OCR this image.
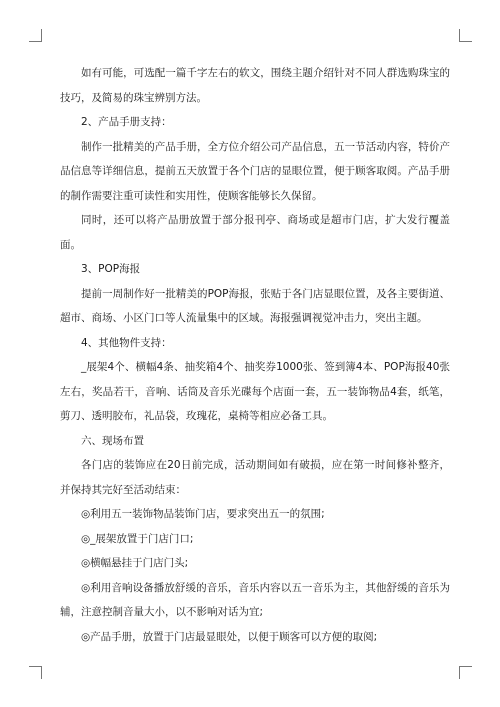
如有可能，可选配一篇千字左右的软文，围绕主题介绍针对不同人群选购珠宝的技巧，及简易的珠宝辨别方法。

2、产品手册支持：

制作一批精美的产品手册，全方位介绍公司产品信息，五一节活动内容，特价产品信息等详细信息，提前五天放置于各个门店的显眼位置，便于顾客取阅。产品手册的制作需要注重可读性和实用性，使顾客能够长久保留。

同时，还可以将产品册放置于部分报刊亭、商场或是超市门店，扩大发行覆盖面。

3、POP海报

提前一周制作好一批精美的POP海报，张贴于各门店显眼位置，及各主要街道、超市、商场、小区门口等人流量集中的区域。海报强调视觉冲击力，突出主题。

4、其他物件支持：

_展架4个、横幅4条、抽奖箱4个、抽奖券1000张、签到簿4本、POP海报40张左右，奖品若干，音响、话筒及音乐光碟每个店面一套，五一装饰物品4套，纸笔，剪刀、透明胶布，礼品袋，玫瑰花，桌椅等相应必备工具。

六、现场布置

各门店的装饰应在20日前完成，活动期间如有破损，应在第一时间修补整齐，并保持其完好至活动结束：

◎利用五一装饰物品装饰门店，要求突出五一的氛围;

◎_展架放置于门店门口;

◎横幅悬挂于门店门头;

◎利用音响设备播放舒缓的音乐，音乐内容以五一音乐为主，其他舒缓的音乐为辅，注意控制音量大小，以不影响对话为宜;

◎产品手册，放置于门店最显眼处，以便于顾客可以方便的取阅;
